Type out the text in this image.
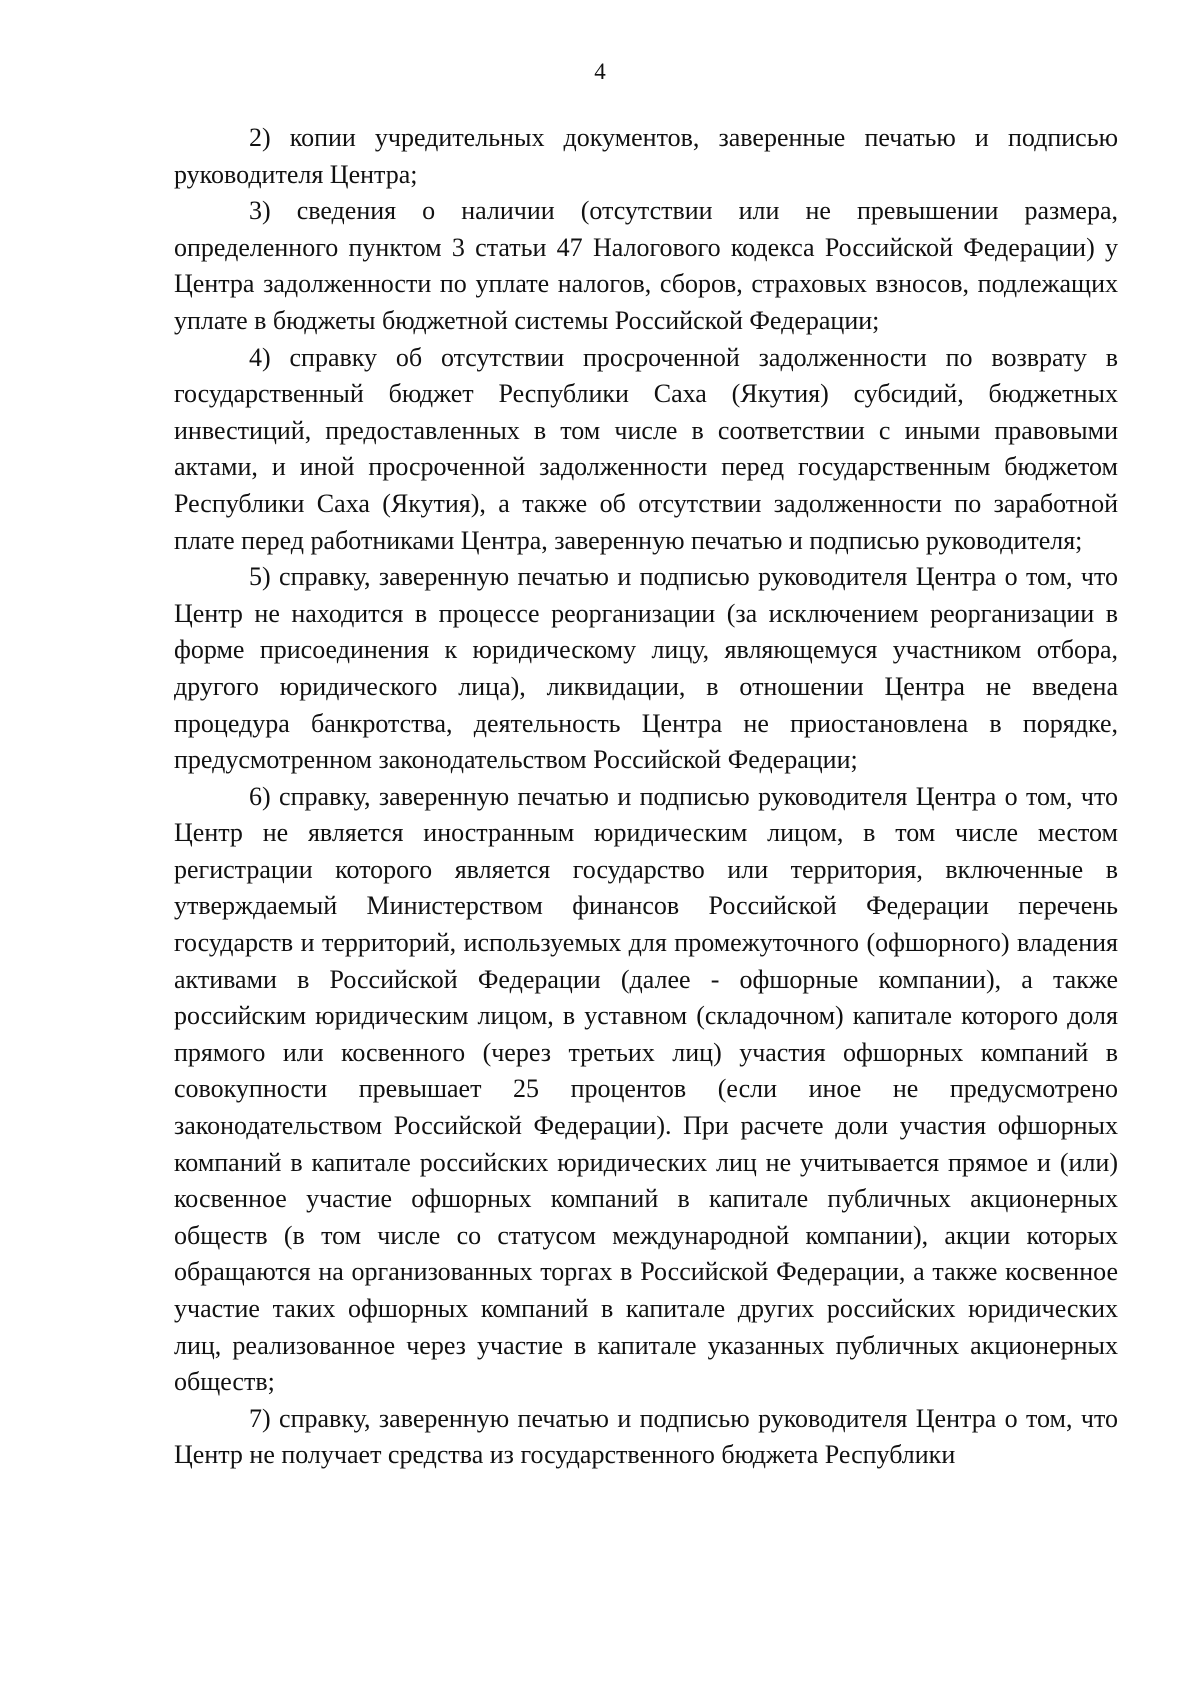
4

2) копии учредительных документов, заверенные печатью и подписью руководителя Центра;

3) сведения о наличии (отсутствии или не превышении размера, определенного пунктом 3 статьи 47 Налогового кодекса Российской Федерации) у Центра задолженности по уплате налогов, сборов, страховых взносов, подлежащих уплате в бюджеты бюджетной системы Российской Федерации;

4) справку об отсутствии просроченной задолженности по возврату в государственный бюджет Республики Саха (Якутия) субсидий, бюджетных инвестиций, предоставленных в том числе в соответствии с иными правовыми актами, и иной просроченной задолженности перед государственным бюджетом Республики Саха (Якутия), а также об отсутствии задолженности по заработной плате перед работниками Центра, заверенную печатью и подписью руководителя;

5) справку, заверенную печатью и подписью руководителя Центра о том, что Центр не находится в процессе реорганизации (за исключением реорганизации в форме присоединения к юридическому лицу, являющемуся участником отбора, другого юридического лица), ликвидации, в отношении Центра не введена процедура банкротства, деятельность Центра не приостановлена в порядке, предусмотренном законодательством Российской Федерации;

6) справку, заверенную печатью и подписью руководителя Центра о том, что Центр не является иностранным юридическим лицом, в том числе местом регистрации которого является государство или территория, включенные в утверждаемый Министерством финансов Российской Федерации перечень государств и территорий, используемых для промежуточного (офшорного) владения активами в Российской Федерации (далее - офшорные компании), а также российским юридическим лицом, в уставном (складочном) капитале которого доля прямого или косвенного (через третьих лиц) участия офшорных компаний в совокупности превышает 25 процентов (если иное не предусмотрено законодательством Российской Федерации). При расчете доли участия офшорных компаний в капитале российских юридических лиц не учитывается прямое и (или) косвенное участие офшорных компаний в капитале публичных акционерных обществ (в том числе со статусом международной компании), акции которых обращаются на организованных торгах в Российской Федерации, а также косвенное участие таких офшорных компаний в капитале других российских юридических лиц, реализованное через участие в капитале указанных публичных акционерных обществ;

7) справку, заверенную печатью и подписью руководителя Центра о том, что Центр не получает средства из государственного бюджета Республики
